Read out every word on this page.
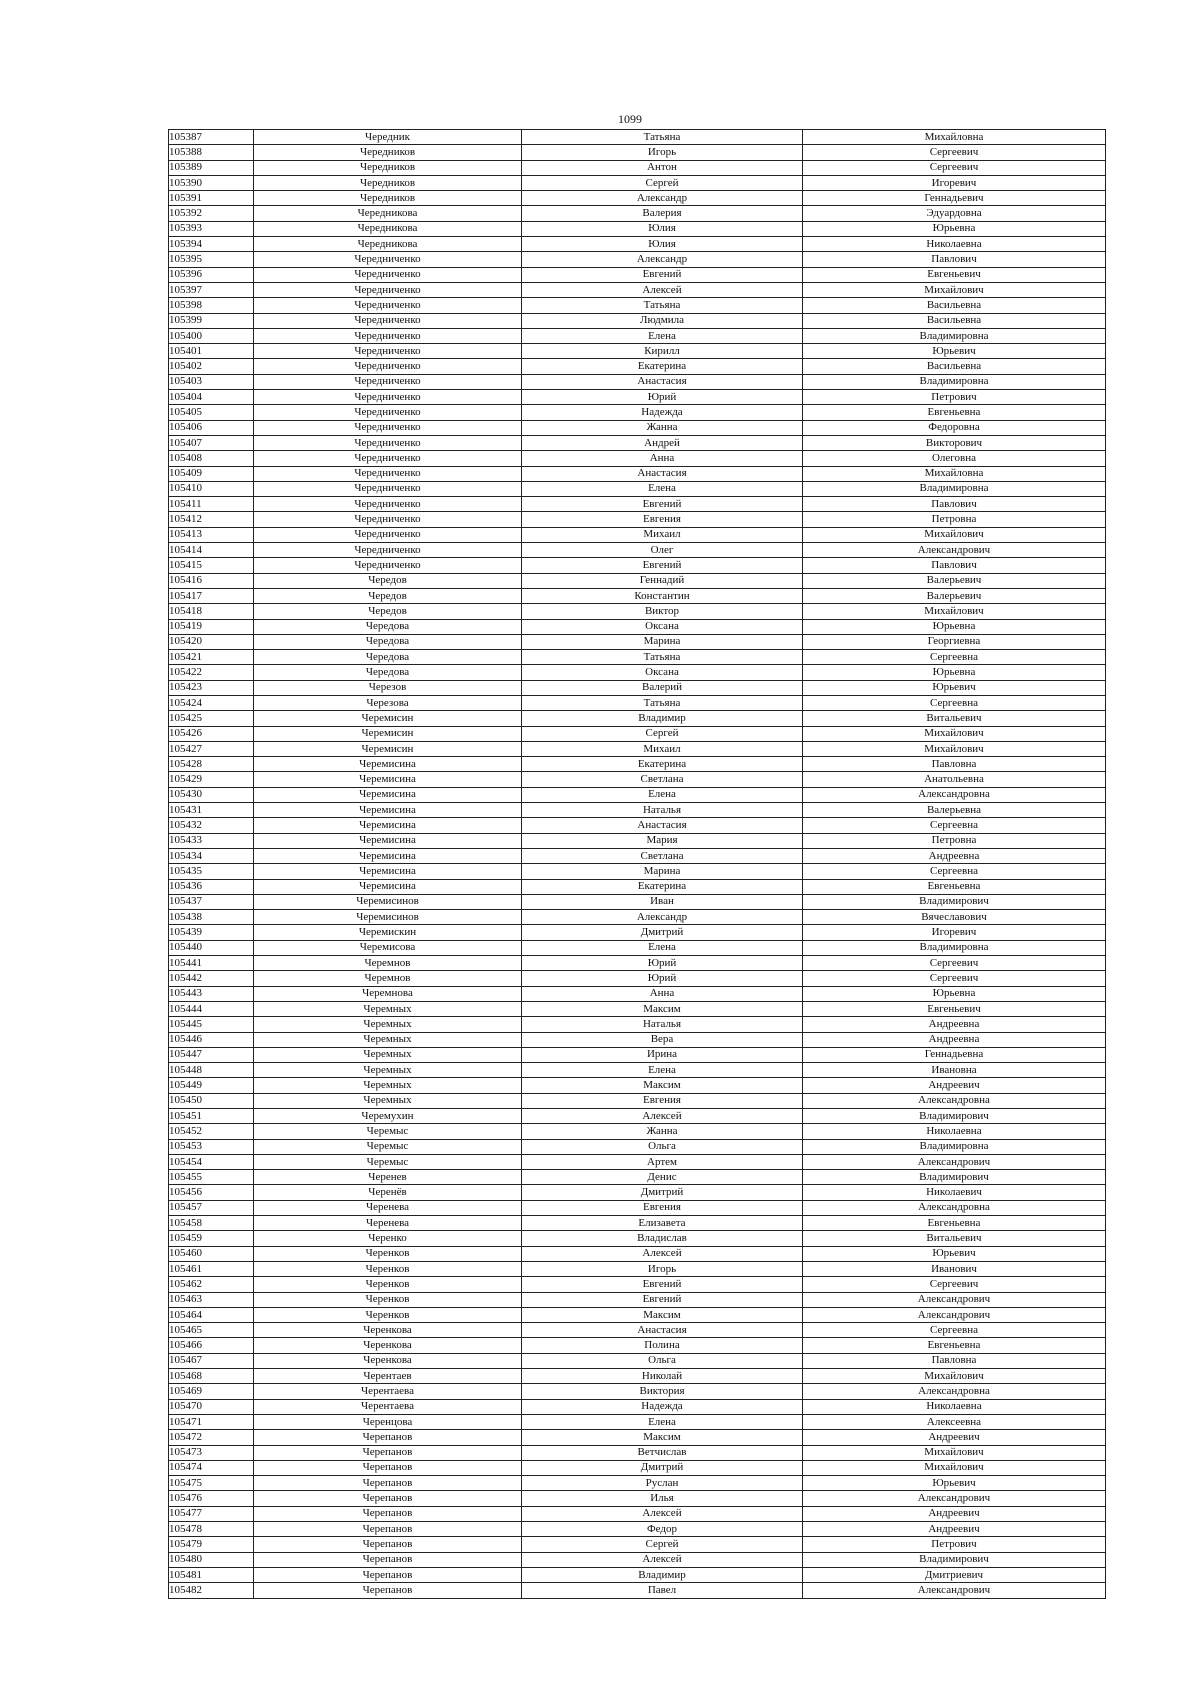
1099
105387	Чередник	Татьяна	Михайловна
105388	Чередников	Игорь	Сергеевич
105389	Чередников	Антон	Сергеевич
105390	Чередников	Сергей	Игоревич
105391	Чередников	Александр	Геннадьевич
105392	Чередникова	Валерия	Эдуардовна
105393	Чередникова	Юлия	Юрьевна
105394	Чередникова	Юлия	Николаевна
105395	Чередниченко	Александр	Павлович
105396	Чередниченко	Евгений	Евгеньевич
105397	Чередниченко	Алексей	Михайлович
105398	Чередниченко	Татьяна	Васильевна
105399	Чередниченко	Людмила	Васильевна
105400	Чередниченко	Елена	Владимировна
105401	Чередниченко	Кирилл	Юрьевич
105402	Чередниченко	Екатерина	Васильевна
105403	Чередниченко	Анастасия	Владимировна
105404	Чередниченко	Юрий	Петрович
105405	Чередниченко	Надежда	Евгеньевна
105406	Чередниченко	Жанна	Федоровна
105407	Чередниченко	Андрей	Викторович
105408	Чередниченко	Анна	Олеговна
105409	Чередниченко	Анастасия	Михайловна
105410	Чередниченко	Елена	Владимировна
105411	Чередниченко	Евгений	Павлович
105412	Чередниченко	Евгения	Петровна
105413	Чередниченко	Михаил	Михайлович
105414	Чередниченко	Олег	Александрович
105415	Чередниченко	Евгений	Павлович
105416	Чередов	Геннадий	Валерьевич
105417	Чередов	Константин	Валерьевич
105418	Чередов	Виктор	Михайлович
105419	Чередова	Оксана	Юрьевна
105420	Чередова	Марина	Георгиевна
105421	Чередова	Татьяна	Сергеевна
105422	Чередова	Оксана	Юрьевна
105423	Черезов	Валерий	Юрьевич
105424	Черезова	Татьяна	Сергеевна
105425	Черемисин	Владимир	Витальевич
105426	Черемисин	Сергей	Михайлович
105427	Черемисин	Михаил	Михайлович
105428	Черемисина	Екатерина	Павловна
105429	Черемисина	Светлана	Анатольевна
105430	Черемисина	Елена	Александровна
105431	Черемисина	Наталья	Валерьевна
105432	Черемисина	Анастасия	Сергеевна
105433	Черемисина	Мария	Петровна
105434	Черемисина	Светлана	Андреевна
105435	Черемисина	Марина	Сергеевна
105436	Черемисина	Екатерина	Евгеньевна
105437	Черемисинов	Иван	Владимирович
105438	Черемисинов	Александр	Вячеславович
105439	Черемискин	Дмитрий	Игоревич
105440	Черемисова	Елена	Владимировна
105441	Черемнов	Юрий	Сергеевич
105442	Черемнов	Юрий	Сергеевич
105443	Черемнова	Анна	Юрьевна
105444	Черемных	Максим	Евгеньевич
105445	Черемных	Наталья	Андреевна
105446	Черемных	Вера	Андреевна
105447	Черемных	Ирина	Геннадьевна
105448	Черемных	Елена	Ивановна
105449	Черемных	Максим	Андреевич
105450	Черемных	Евгения	Александровна
105451	Черемухин	Алексей	Владимирович
105452	Черемыс	Жанна	Николаевна
105453	Черемыс	Ольга	Владимировна
105454	Черемыс	Артем	Александрович
105455	Черенев	Денис	Владимирович
105456	Черенёв	Дмитрий	Николаевич
105457	Черенева	Евгения	Александровна
105458	Черенева	Елизавета	Евгеньевна
105459	Черенко	Владислав	Витальевич
105460	Черенков	Алексей	Юрьевич
105461	Черенков	Игорь	Иванович
105462	Черенков	Евгений	Сергеевич
105463	Черенков	Евгений	Александрович
105464	Черенков	Максим	Александрович
105465	Черенкова	Анастасия	Сергеевна
105466	Черенкова	Полина	Евгеньевна
105467	Черенкова	Ольга	Павловна
105468	Черентаев	Николай	Михайлович
105469	Черентаева	Виктория	Александровна
105470	Черентаева	Надежда	Николаевна
105471	Черенцова	Елена	Алексеевна
105472	Черепанов	Максим	Андреевич
105473	Черепанов	Ветчислав	Михайлович
105474	Черепанов	Дмитрий	Михайлович
105475	Черепанов	Руслан	Юрьевич
105476	Черепанов	Илья	Александрович
105477	Черепанов	Алексей	Андреевич
105478	Черепанов	Федор	Андреевич
105479	Черепанов	Сергей	Петрович
105480	Черепанов	Алексей	Владимирович
105481	Черепанов	Владимир	Дмитриевич
105482	Черепанов	Павел	Александрович
